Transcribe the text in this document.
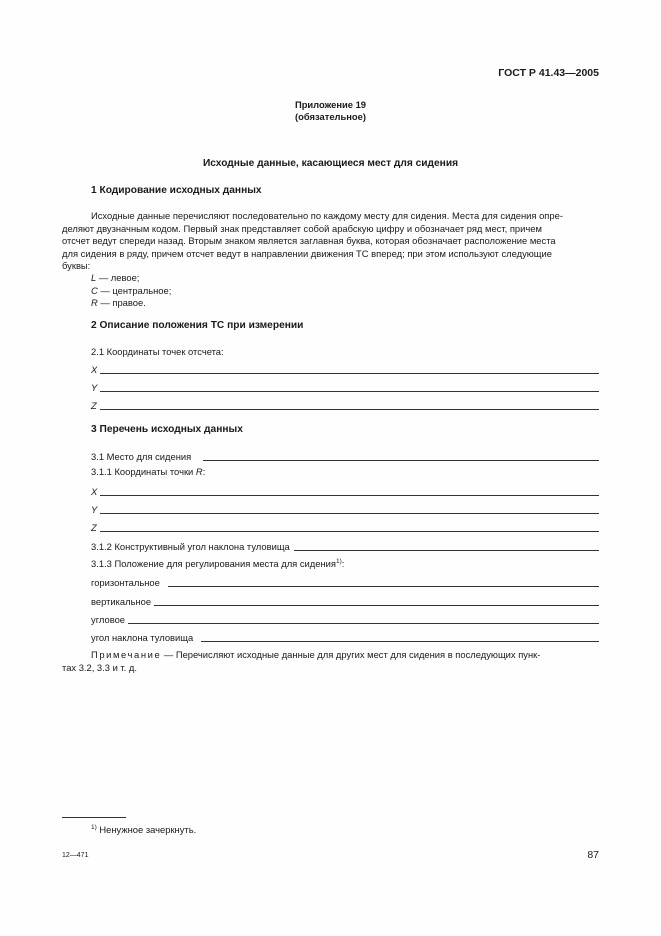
ГОСТ Р 41.43—2005
Приложение 19
(обязательное)
Исходные данные, касающиеся мест для сидения
1 Кодирование исходных данных
Исходные данные перечисляют последовательно по каждому месту для сидения. Места для сидения опре-
деляют двузначным кодом. Первый знак представляет собой арабскую цифру и обозначает ряд мест, причем
отсчет ведут спереди назад. Вторым знаком является заглавная буква, которая обозначает расположение места
для сидения в ряду, причем отсчет ведут в направлении движения ТС вперед; при этом используют следующие
буквы:
L — левое;
C — центральное;
R — правое.
2 Описание положения ТС при измерении
2.1 Координаты точек отсчета:
X
Y
Z
3 Перечень исходных данных
3.1 Место для сидения
3.1.1 Координаты точки R:
X
Y
Z
3.1.2 Конструктивный угол наклона туловища
3.1.3 Положение для регулирования места для сидения$^{1)}$:
горизонтальное
вертикальное
угловое
угол наклона туловища
Примечание — Перечисляют исходные данные для других мест для сидения в последующих пунк-
тах 3.2, 3.3 и т. д.
$^{1)}$ Ненужное зачеркнуть.
12—471	87
